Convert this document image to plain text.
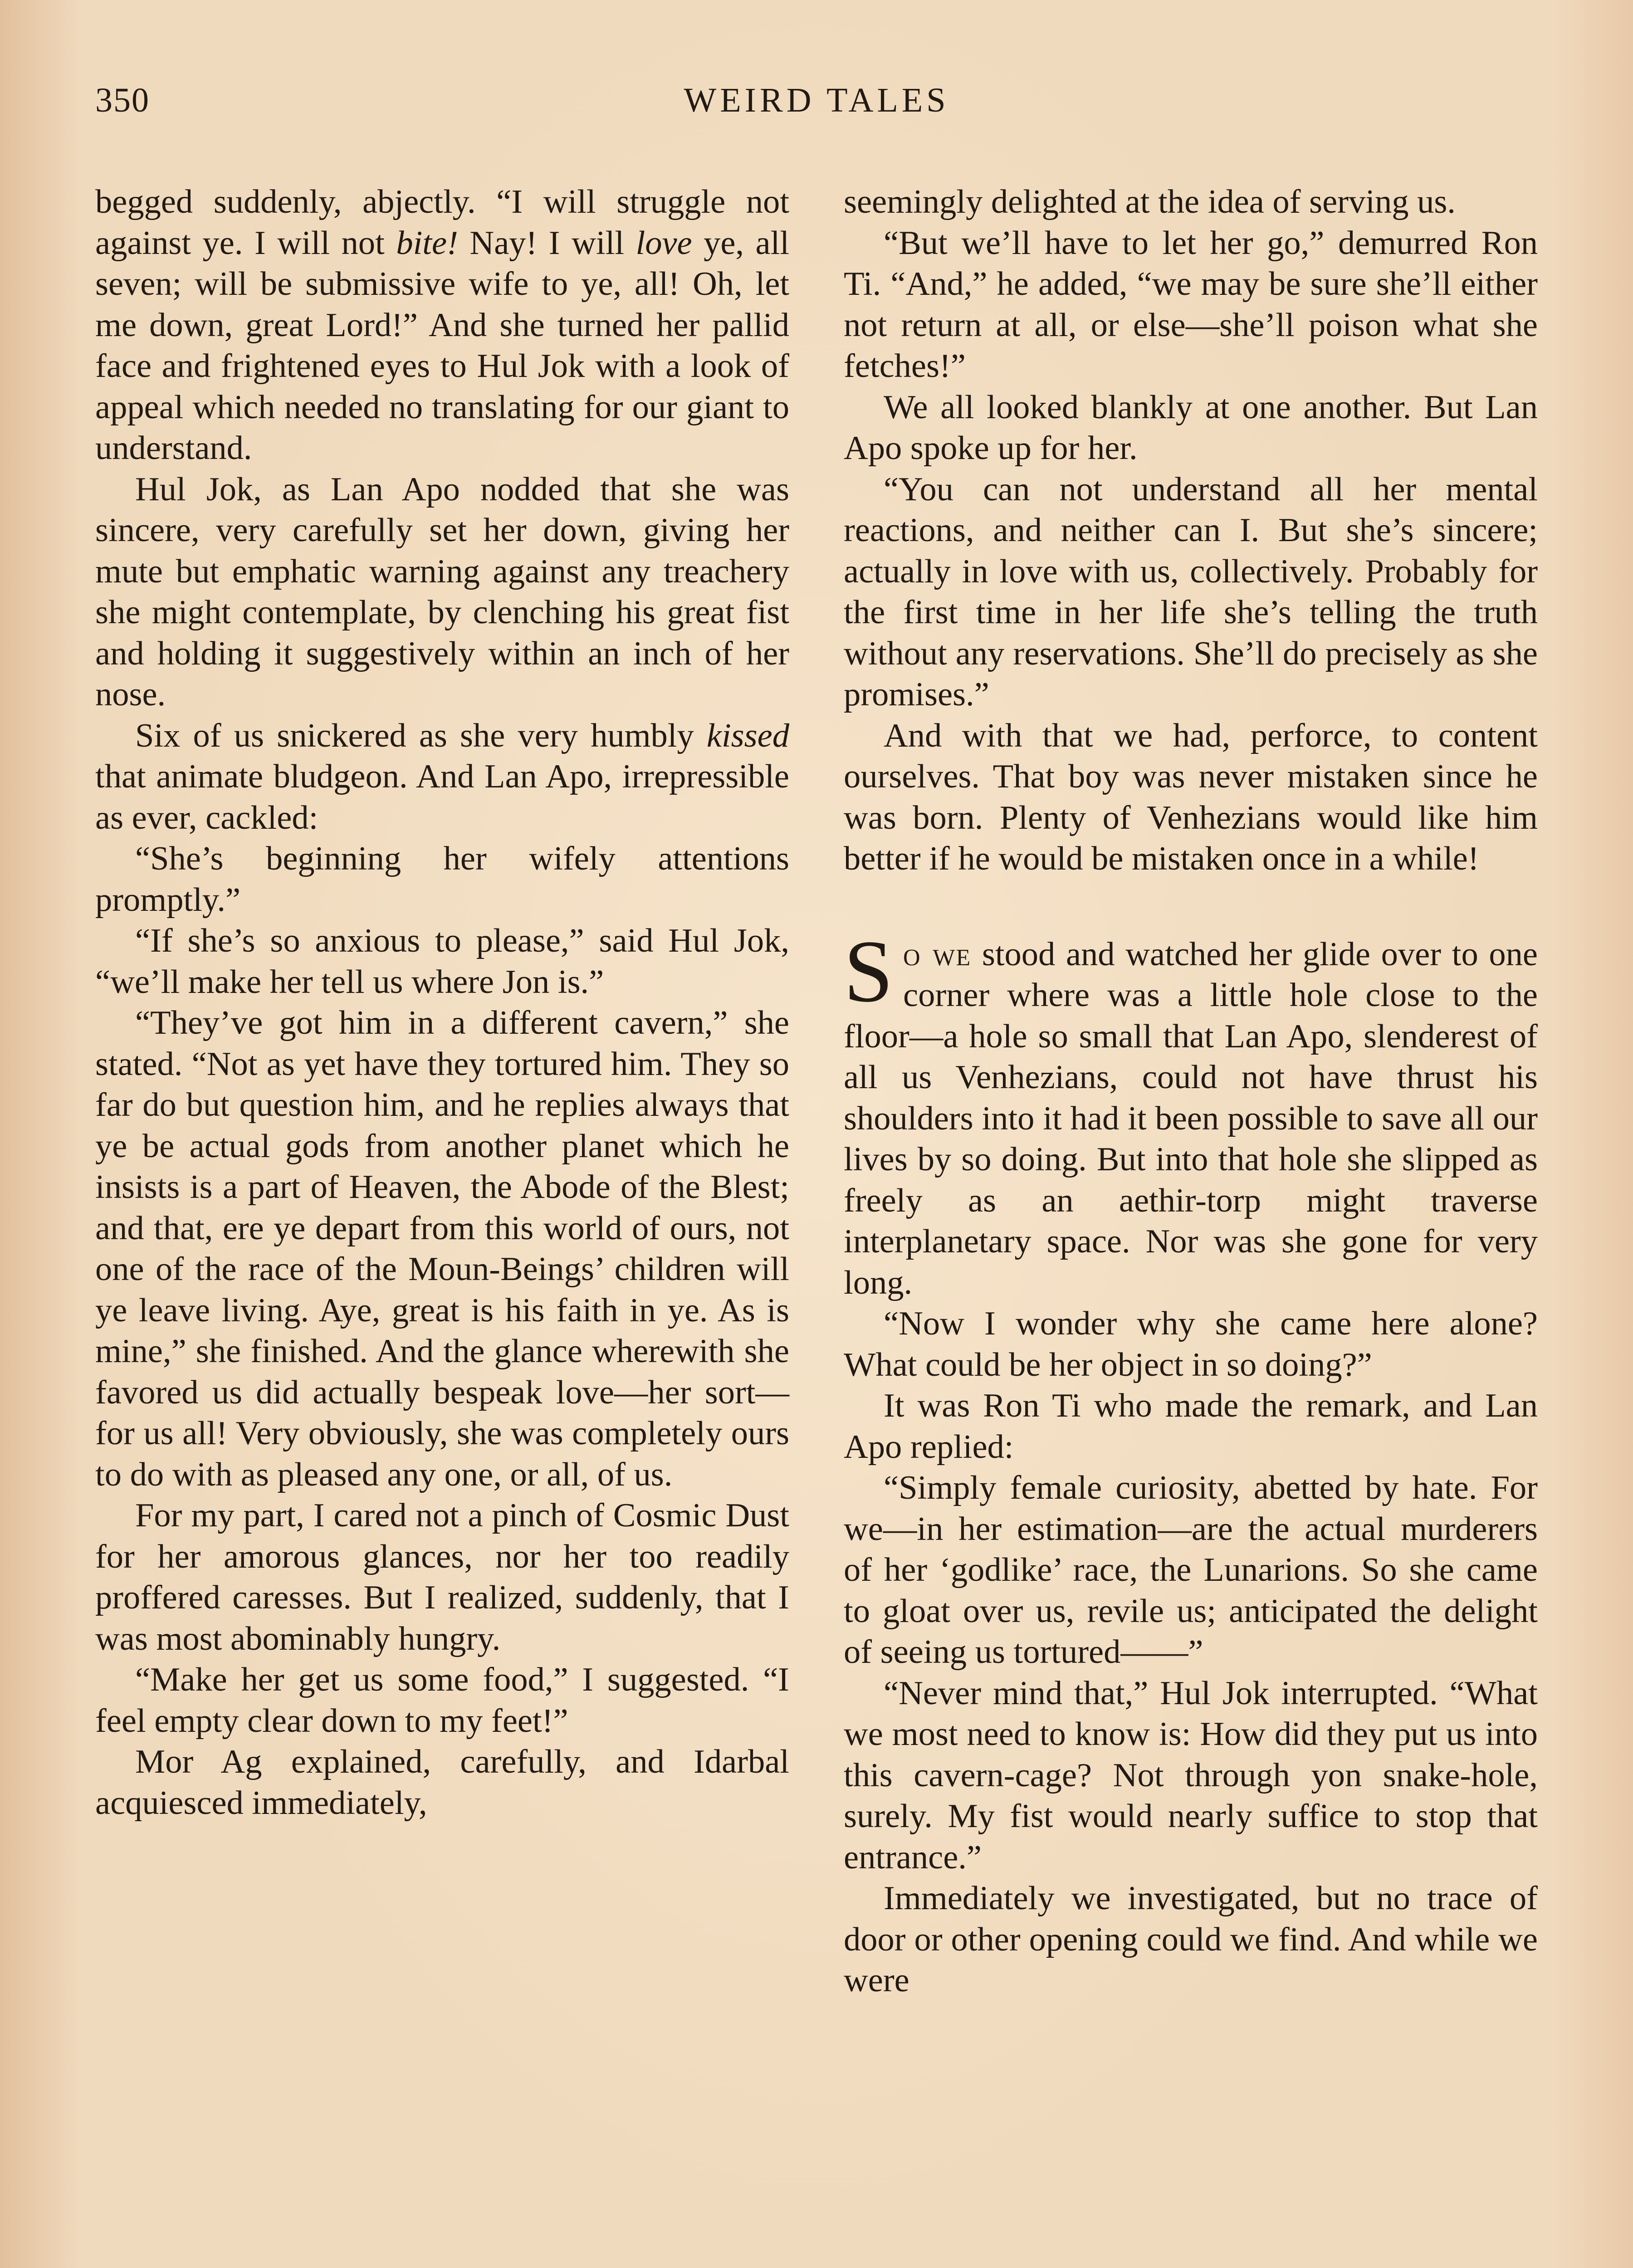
350	WEIRD TALES

begged suddenly, abjectly. “I will struggle not against ye. I will not bite! Nay! I will love ye, all seven; will be submissive wife to ye, all! Oh, let me down, great Lord!” And she turned her pallid face and frightened eyes to Hul Jok with a look of appeal which needed no translating for our giant to understand.

Hul Jok, as Lan Apo nodded that she was sincere, very carefully set her down, giving her mute but emphatic warning against any treachery she might contemplate, by clenching his great fist and holding it suggestively within an inch of her nose.

Six of us snickered as she very humbly kissed that animate bludgeon. And Lan Apo, irrepressible as ever, cackled:

“She’s beginning her wifely attentions promptly.”

“If she’s so anxious to please,” said Hul Jok, “we’ll make her tell us where Jon is.”

“They’ve got him in a different cavern,” she stated. “Not as yet have they tortured him. They so far do but question him, and he replies always that ye be actual gods from another planet which he insists is a part of Heaven, the Abode of the Blest; and that, ere ye depart from this world of ours, not one of the race of the Moun-Beings’ children will ye leave living. Aye, great is his faith in ye. As is mine,” she finished. And the glance wherewith she favored us did actually bespeak love—her sort—for us all! Very obviously, she was completely ours to do with as pleased any one, or all, of us.

For my part, I cared not a pinch of Cosmic Dust for her amorous glances, nor her too readily proffered caresses. But I realized, suddenly, that I was most abominably hungry.

“Make her get us some food,” I suggested. “I feel empty clear down to my feet!”

Mor Ag explained, carefully, and Idarbal acquiesced immediately,

seemingly delighted at the idea of serving us.

“But we’ll have to let her go,” demurred Ron Ti. “And,” he added, “we may be sure she’ll either not return at all, or else—she’ll poison what she fetches!”

We all looked blankly at one another. But Lan Apo spoke up for her.

“You can not understand all her mental reactions, and neither can I. But she’s sincere; actually in love with us, collectively. Probably for the first time in her life she’s telling the truth without any reservations. She’ll do precisely as she promises.”

And with that we had, perforce, to content ourselves. That boy was never mistaken since he was born. Plenty of Venhezians would like him better if he would be mistaken once in a while!

So we stood and watched her glide over to one corner where was a little hole close to the floor—a hole so small that Lan Apo, slenderest of all us Venhezians, could not have thrust his shoulders into it had it been possible to save all our lives by so doing. But into that hole she slipped as freely as an aethir-torp might traverse interplanetary space. Nor was she gone for very long.

“Now I wonder why she came here alone? What could be her object in so doing?”

It was Ron Ti who made the remark, and Lan Apo replied:

“Simply female curiosity, abetted by hate. For we—in her estimation—are the actual murderers of her ‘godlike’ race, the Lunarions. So she came to gloat over us, revile us; anticipated the delight of seeing us tortured——”

“Never mind that,” Hul Jok interrupted. “What we most need to know is: How did they put us into this cavern-cage? Not through yon snake-hole, surely. My fist would nearly suffice to stop that entrance.”

Immediately we investigated, but no trace of door or other opening could we find. And while we were
